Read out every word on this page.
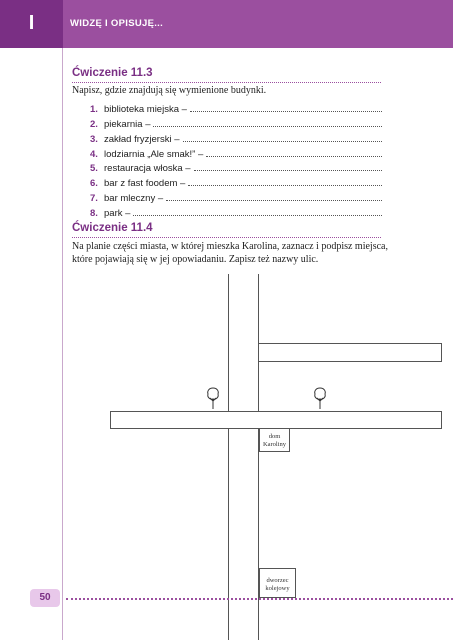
I	WIDZĘ I OPISUJĘ...
Ćwiczenie 11.3
Napisz, gdzie znajdują się wymienione budynki.
1. biblioteka miejska –
2. piekarnia –
3. zakład fryzjerski –
4. lodziarnia „Ale smak!” –
5. restauracja włoska –
6. bar z fast foodem –
7. bar mleczny –
8. park –
Ćwiczenie 11.4
Na planie części miasta, w której mieszka Karolina, zaznacz i podpisz miejsca, które pojawiają się w jej opowiadaniu. Zapisz też nazwy ulic.
dom Karoliny
dworzec kolejowy
50
